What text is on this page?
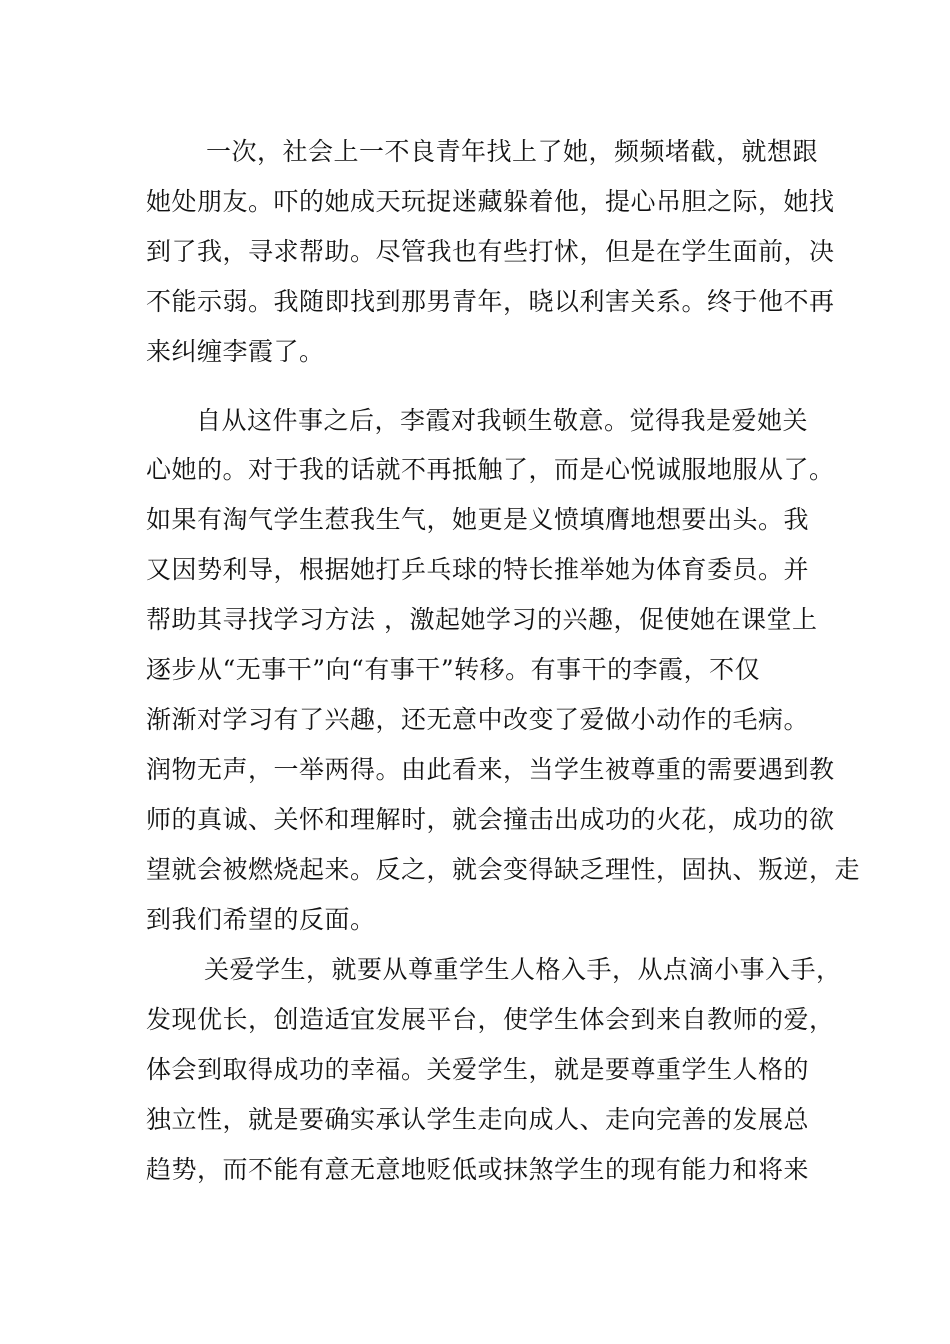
一次，社会上一不良青年找上了她，频频堵截，就想跟
她处朋友。吓的她成天玩捉迷藏躲着他，提心吊胆之际，她找
到了我，寻求帮助。尽管我也有些打怵，但是在学生面前，决
不能示弱。我随即找到那男青年，晓以利害关系。终于他不再
来纠缠李霞了。
自从这件事之后，李霞对我顿生敬意。觉得我是爱她关
心她的。对于我的话就不再抵触了，而是心悦诚服地服从了。
如果有淘气学生惹我生气，她更是义愤填膺地想要出头。我
又因势利导，根据她打乒乓球的特长推举她为体育委员。并
帮助其寻找学习方法 ，激起她学习的兴趣，促使她在课堂上
逐步从“无事干”向“有事干”转移。有事干的李霞，不仅
渐渐对学习有了兴趣，还无意中改变了爱做小动作的毛病。
润物无声，一举两得。由此看来，当学生被尊重的需要遇到教
师的真诚、关怀和理解时，就会撞击出成功的火花，成功的欲
望就会被燃烧起来。反之，就会变得缺乏理性，固执、叛逆，走
到我们希望的反面。
关爱学生，就要从尊重学生人格入手，从点滴小事入手，
发现优长，创造适宜发展平台，使学生体会到来自教师的爱，
体会到取得成功的幸福。关爱学生，就是要尊重学生人格的
独立性，就是要确实承认学生走向成人、走向完善的发展总
趋势，而不能有意无意地贬低或抹煞学生的现有能力和将来
